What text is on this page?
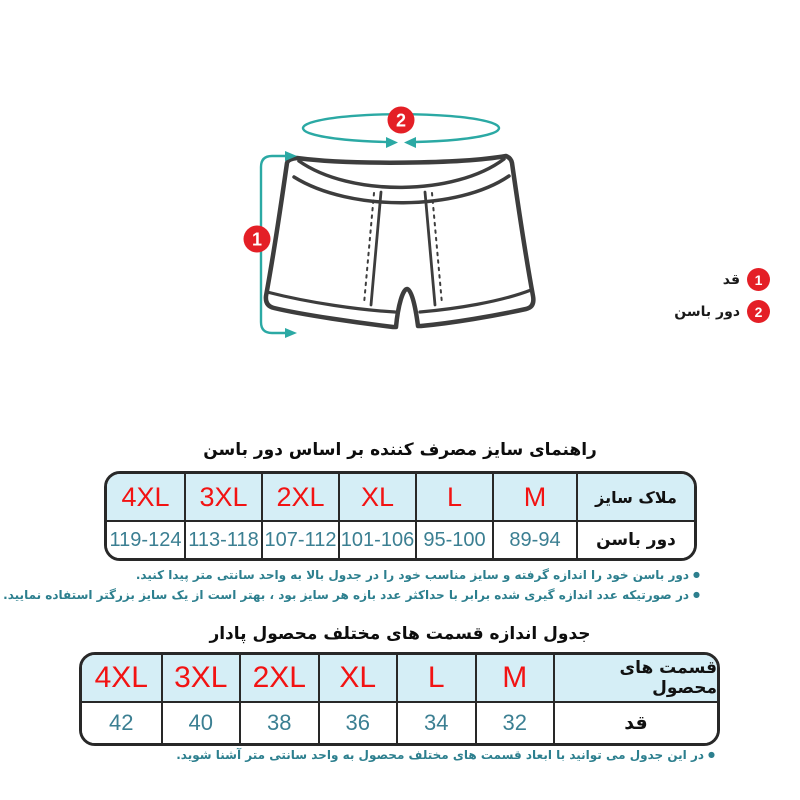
2
1
1
قد
2
دور باسن
راهنمای سایز مصرف کننده بر اساس دور باسن
ملاک سایز
M
L
XL
2XL
3XL
4XL
دور باسن
89-94
95-100
101-106
107-112
113-118
119-124
●دور باسن خود را اندازه گرفته و سایز مناسب خود را در جدول بالا به واحد سانتی متر پیدا کنید.
●در صورتیکه عدد اندازه گیری شده برابر با حداکثر عدد بازه هر سایز بود ، بهتر است از یک سایز بزرگتر استفاده نمایید.
جدول اندازه قسمت های مختلف محصول پادار
قسمت های محصول
M
L
XL
2XL
3XL
4XL
قد
32
34
36
38
40
42
●در این جدول می توانید با ابعاد قسمت های مختلف محصول به واحد سانتی متر آشنا شوید.
